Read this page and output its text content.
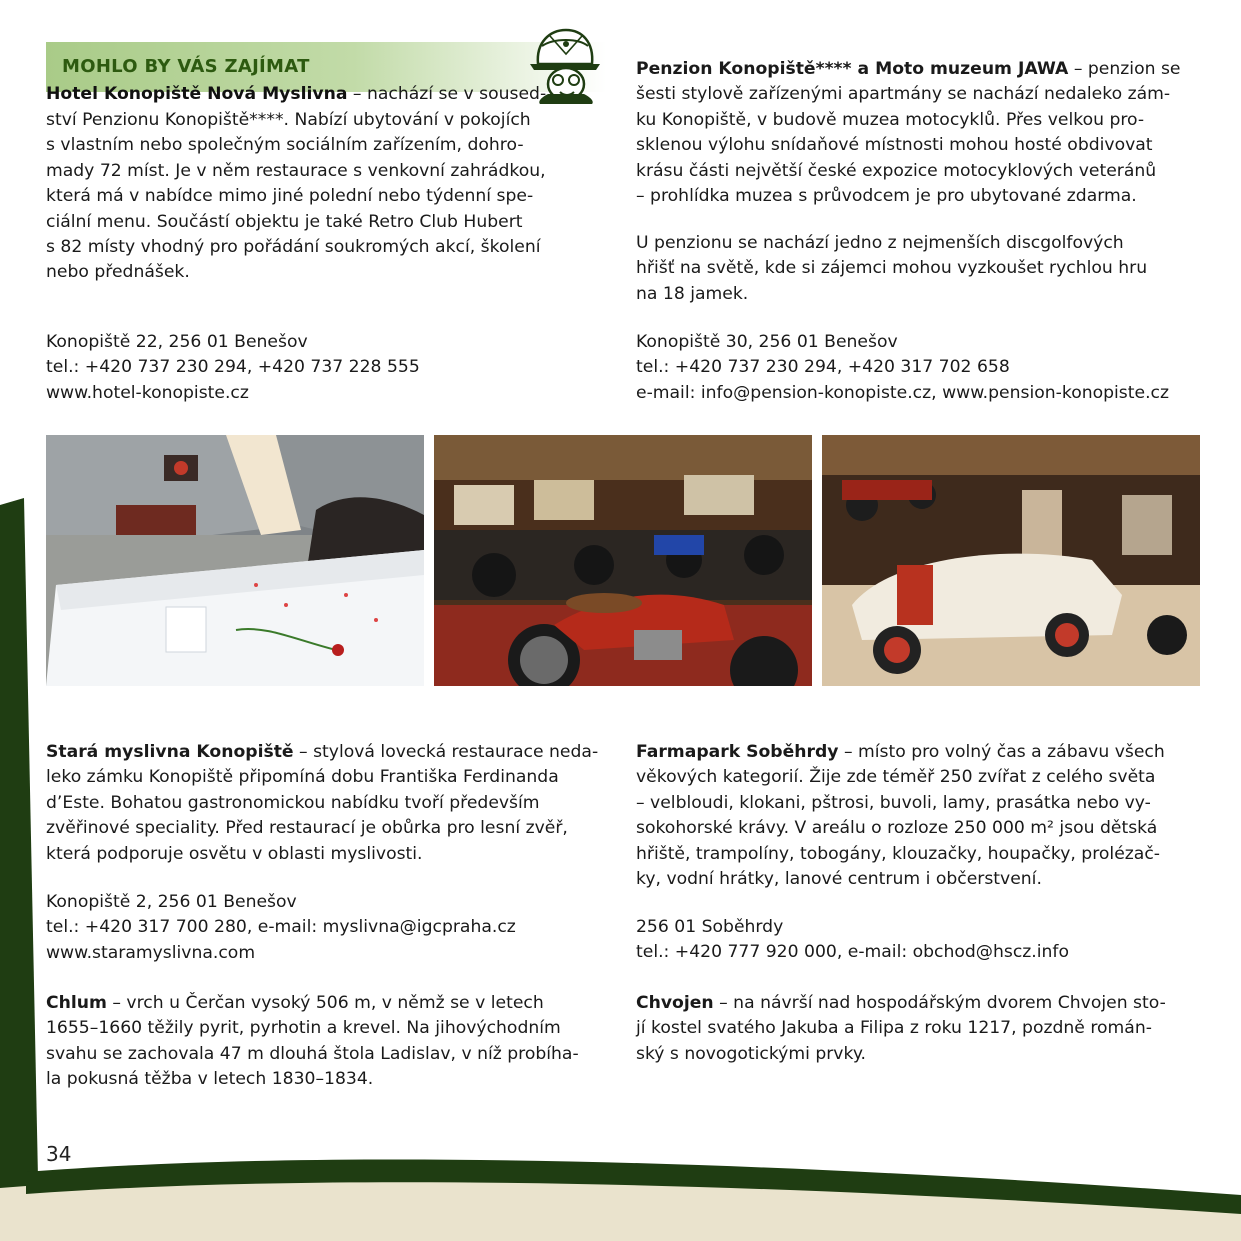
MOHLO BY VÁS ZAJÍMAT

Hotel Konopiště Nová Myslivna – nachází se v soused-

ství Penzionu Konopiště****. Nabízí ubytování v pokojích
s vlastním nebo společným sociálním zařízením, dohro-
mady 72 míst. Je v něm restaurace s venkovní zahrádkou,
která má v nabídce mimo jiné polední nebo týdenní spe-
ciální menu. Součástí objektu je také Retro Club Hubert
s 82 místy vhodný pro pořádání soukromých akcí, školení
nebo přednášek.
Konopiště 22, 256 01 Benešov
tel.: +420 737 230 294, +420 737 228 555
www.hotel-konopiste.cz
Penzion Konopiště**** a Moto muzeum JAWA – penzion se
šesti stylově zařízenými apartmány se nachází nedaleko zám-
ku Konopiště, v budově muzea motocyklů. Přes velkou pro-
sklenou výlohu snídaňové místnosti mohou hosté obdivovat
krásu části největší české expozice motocyklových veteránů
– prohlídka muzea s průvodcem je pro ubytované zdarma.
U penzionu se nachází jedno z nejmenších discgolfových
hřišť na světě, kde si zájemci mohou vyzkoušet rychlou hru
na 18 jamek.
Konopiště 30, 256 01 Benešov
tel.: +420 737 230 294, +420 317 702 658
e-mail: info@pension-konopiste.cz, www.pension-konopiste.cz
Stará myslivna Konopiště – stylová lovecká restaurace neda-
leko zámku Konopiště připomíná dobu Františka Ferdinanda
d’Este. Bohatou gastronomickou nabídku tvoří především
zvěřinové speciality. Před restaurací je obůrka pro lesní zvěř,
která podporuje osvětu v oblasti myslivosti.
Konopiště 2, 256 01 Benešov
tel.: +420 317 700 280, e-mail: myslivna@igcpraha.cz
www.staramyslivna.com
Chlum – vrch u Čerčan vysoký 506 m, v němž se v letech
1655–1660 těžily pyrit, pyrhotin a krevel. Na jihovýchodním
svahu se zachovala 47 m dlouhá štola Ladislav, v níž probíha-
la pokusná těžba v letech 1830–1834.
Farmapark Soběhrdy – místo pro volný čas a zábavu všech
věkových kategorií. Žije zde téměř 250 zvířat z celého světa
– velbloudi, klokani, pštrosi, buvoli, lamy, prasátka nebo vy-
sokohorské krávy. V areálu o rozloze 250 000 m² jsou dětská
hřiště, trampolíny, tobogány, klouzačky, houpačky, prolézač-
ky, vodní hrátky, lanové centrum i občerstvení.
256 01 Soběhrdy
tel.: +420 777 920 000, e-mail: obchod@hscz.info
Chvojen – na návrší nad hospodářským dvorem Chvojen sto-
jí kostel svatého Jakuba a Filipa z roku 1217, pozdně román-
ský s novogotickými prvky.
34
